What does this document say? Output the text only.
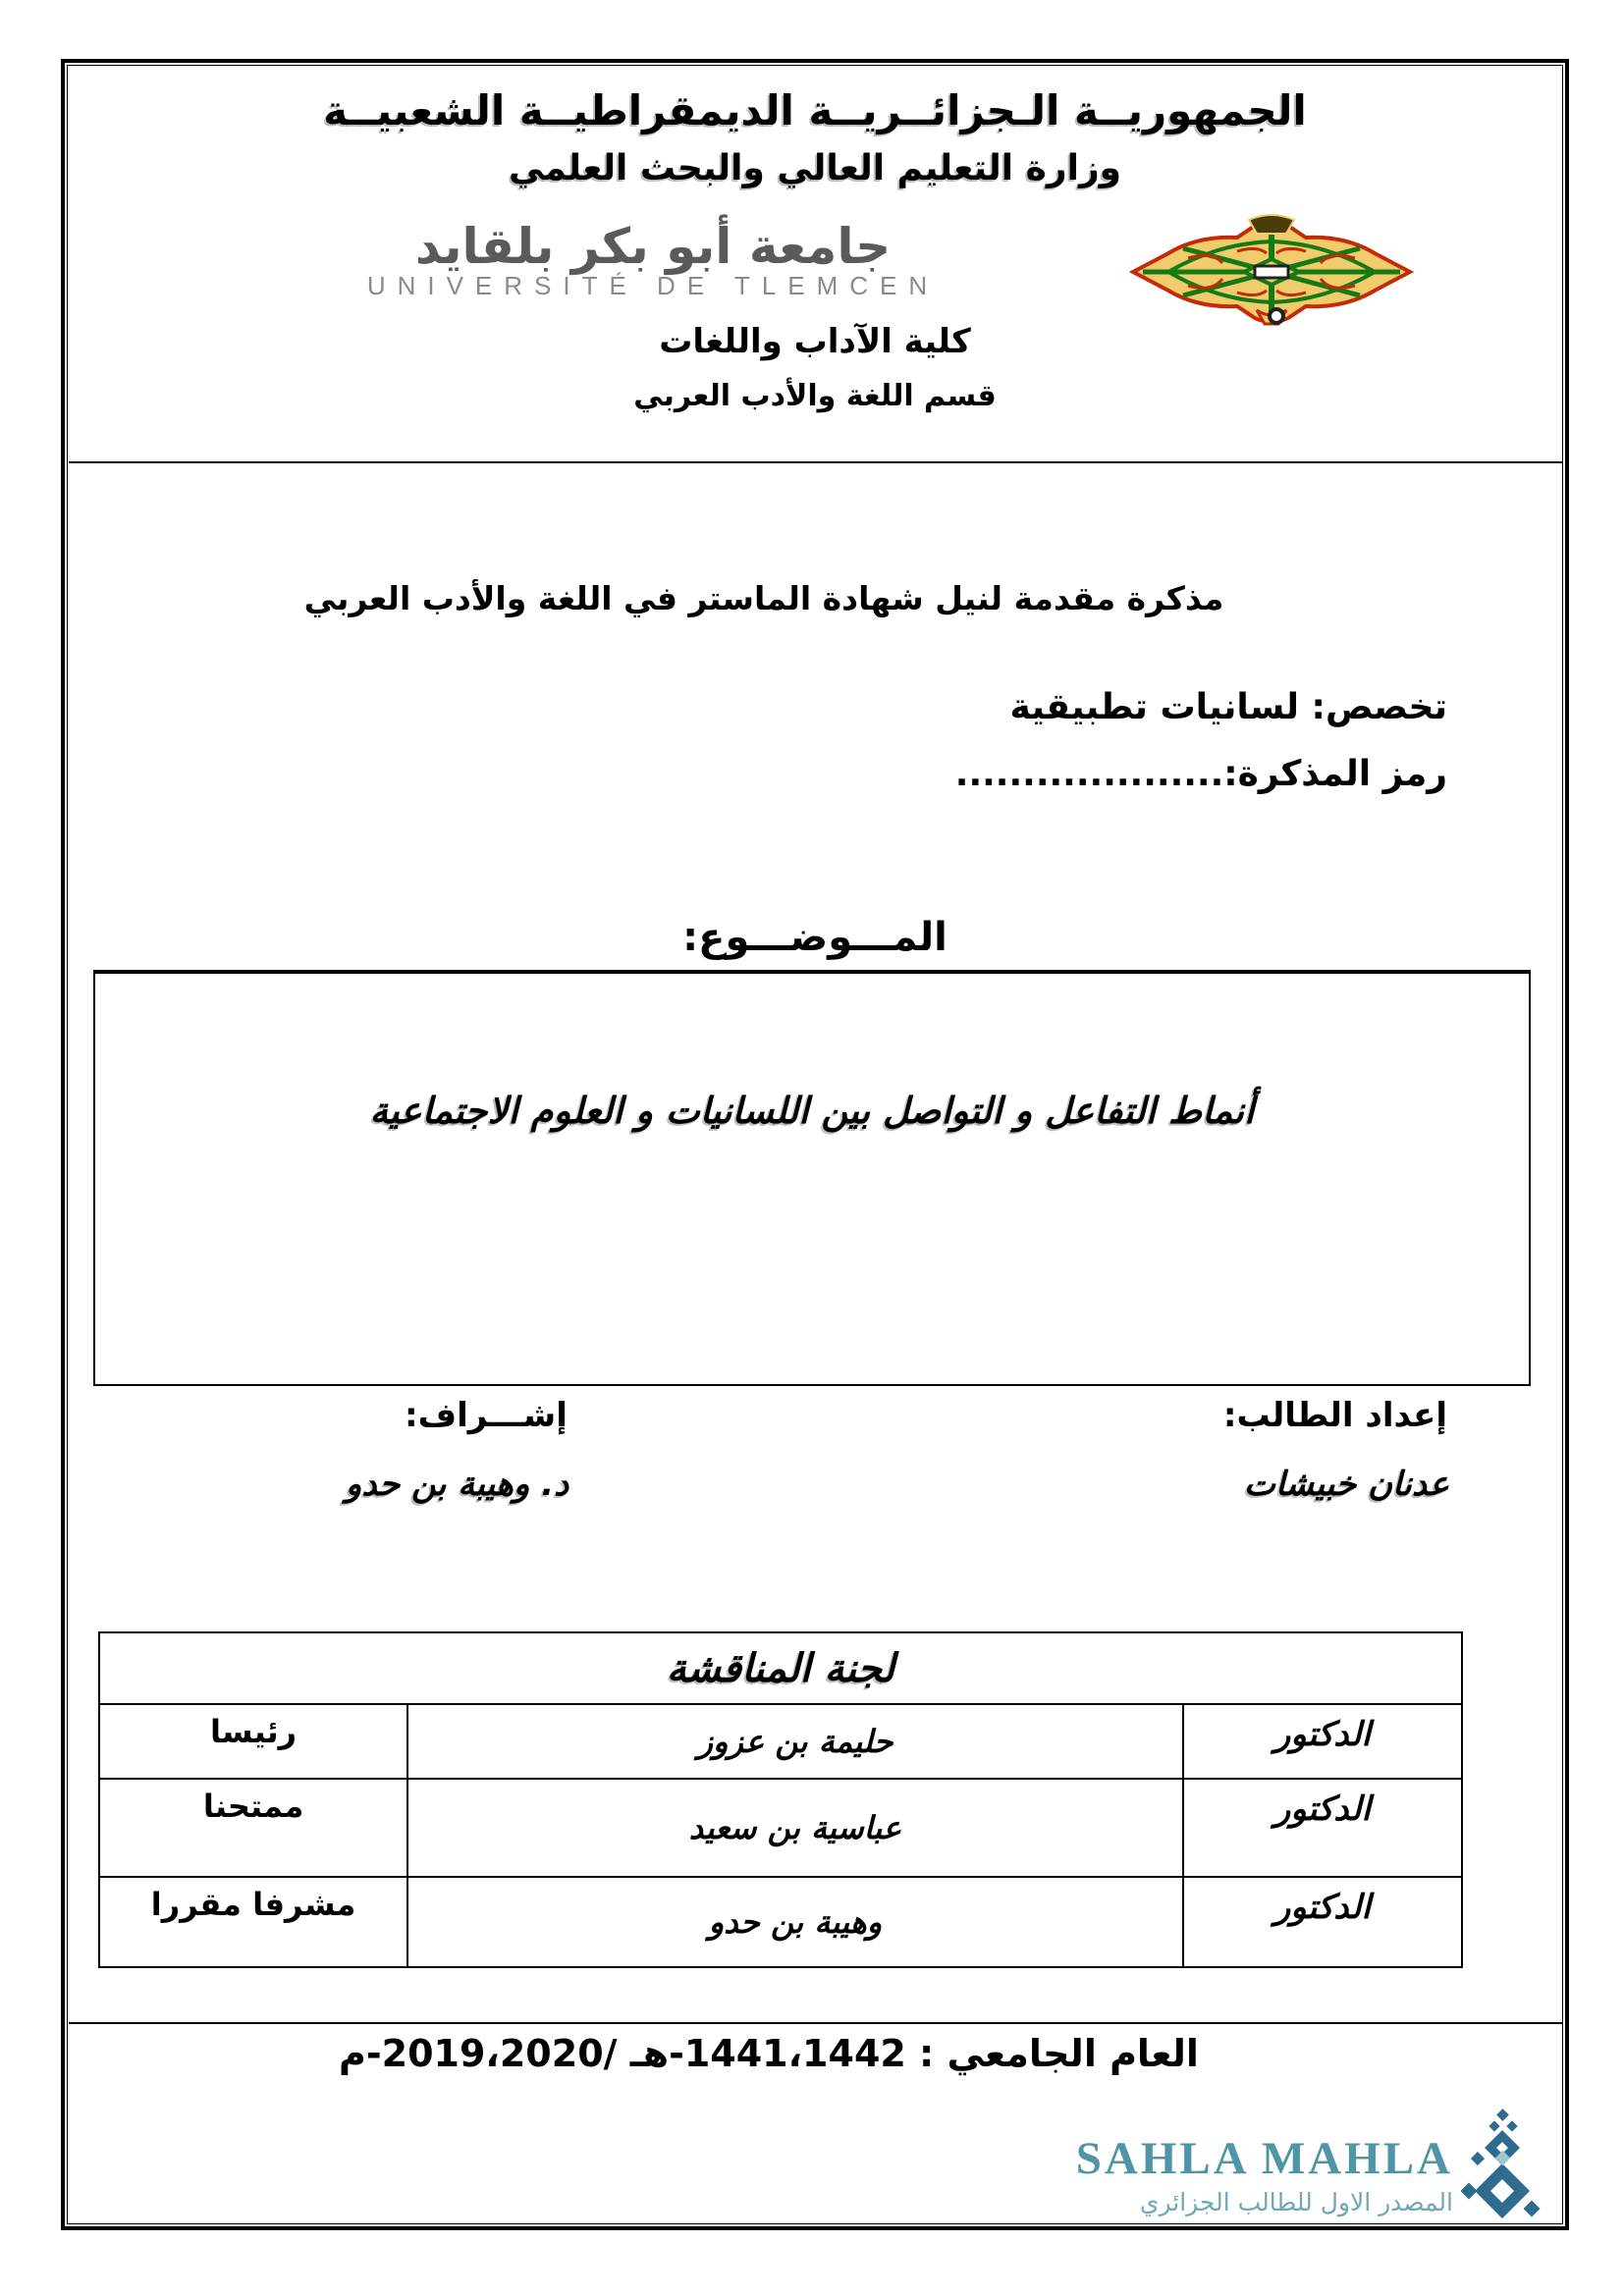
الجمهوريــة الـجزائــريــة الديمقراطيــة الشعبيــة
وزارة التعليم العالي والبحث العلمي
جامعة أبو بكر بلقايد
UNIVERSITÉ DE TLEMCEN
كلية الآداب واللغات
قسم اللغة والأدب العربي
مذكرة مقدمة لنيل شهادة الماستر في اللغة والأدب العربي
تخصص: لسانيات تطبيقية
رمز المذكرة:....................
المـــوضـــوع:
أنماط التفاعل و التواصل بين اللسانيات و العلوم الاجتماعية
إعداد الطالب:
عدنان خبيشات
إشـــراف:
د. وهيبة بن حدو
لجنة المناقشة
الدكتور
حليمة بن عزوز
رئيسا
الدكتور
عباسية بن سعيد
ممتحنا
الدكتور
وهيبة بن حدو
مشرفا مقررا
العام الجامعي : 1441،1442-هـ /2019،2020-م
SAHLA MAHLA
المصدر الاول للطالب الجزائري
